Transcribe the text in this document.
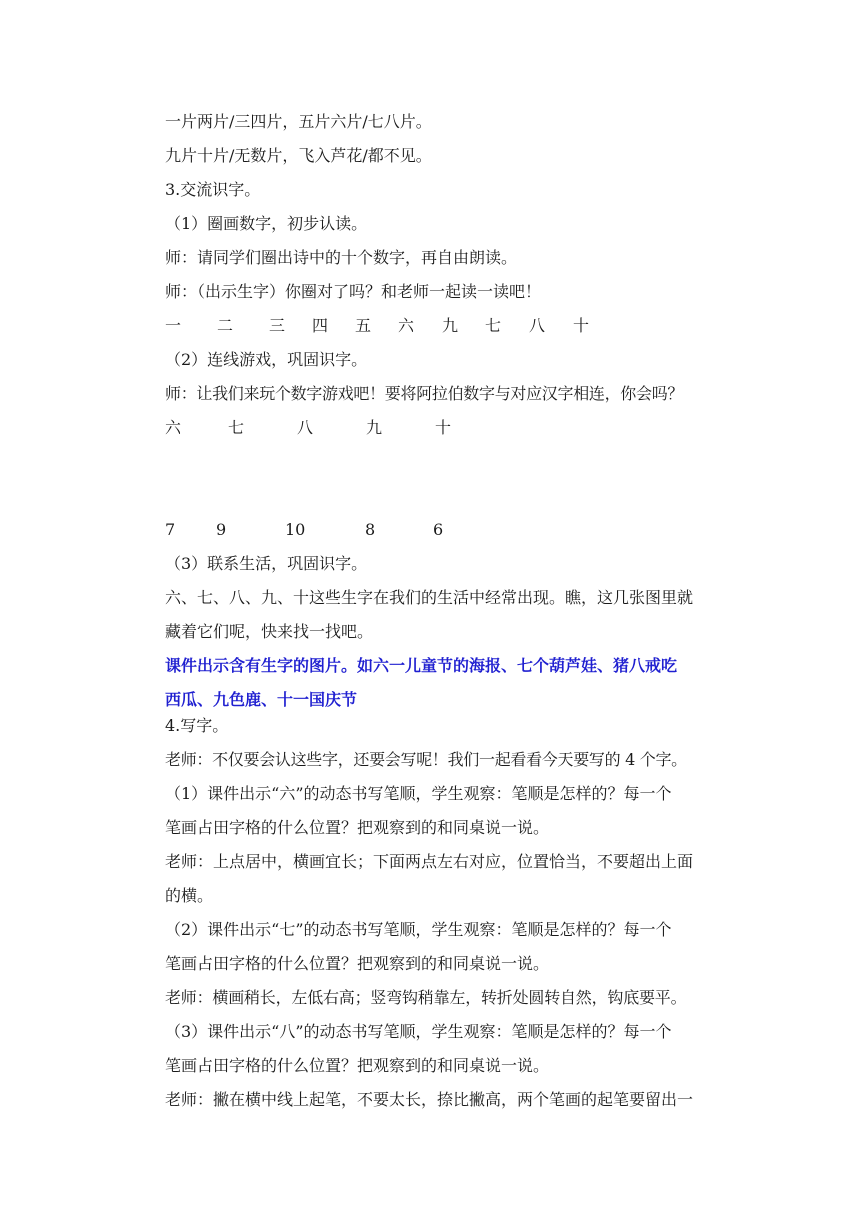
一片两片/三四片，五片六片/七八片。
九片十片/无数片，飞入芦花/都不见。
3.交流识字。
（1）圈画数字，初步认读。
师：请同学们圈出诗中的十个数字，再自由朗读。
师：（出示生字）你圈对了吗？和老师一起读一读吧！
一 二 三 四 五 六 九 七 八 十
（2）连线游戏，巩固识字。
师：让我们来玩个数字游戏吧！要将阿拉伯数字与对应汉字相连，你会吗？
六	七	八	九	十
7	9	10	8	6
（3）联系生活，巩固识字。
六、七、八、九、十这些生字在我们的生活中经常出现。瞧，这几张图里就
藏着它们呢，快来找一找吧。
课件出示含有生字的图片。如六一儿童节的海报、七个葫芦娃、猪八戒吃
西瓜、九色鹿、十一国庆节
4.写字。
老师：不仅要会认这些字，还要会写呢！我们一起看看今天要写的 4 个字。
（1）课件出示“六”的动态书写笔顺，学生观察：笔顺是怎样的？每一个
笔画占田字格的什么位置？把观察到的和同桌说一说。
老师：上点居中，横画宜长；下面两点左右对应，位置恰当，不要超出上面
的横。
（2）课件出示“七”的动态书写笔顺，学生观察：笔顺是怎样的？每一个
笔画占田字格的什么位置？把观察到的和同桌说一说。
老师：横画稍长，左低右高；竖弯钩稍靠左，转折处圆转自然，钩底要平。
（3）课件出示“八”的动态书写笔顺，学生观察：笔顺是怎样的？每一个
笔画占田字格的什么位置？把观察到的和同桌说一说。
老师：撇在横中线上起笔，不要太长，捺比撇高，两个笔画的起笔要留出一
